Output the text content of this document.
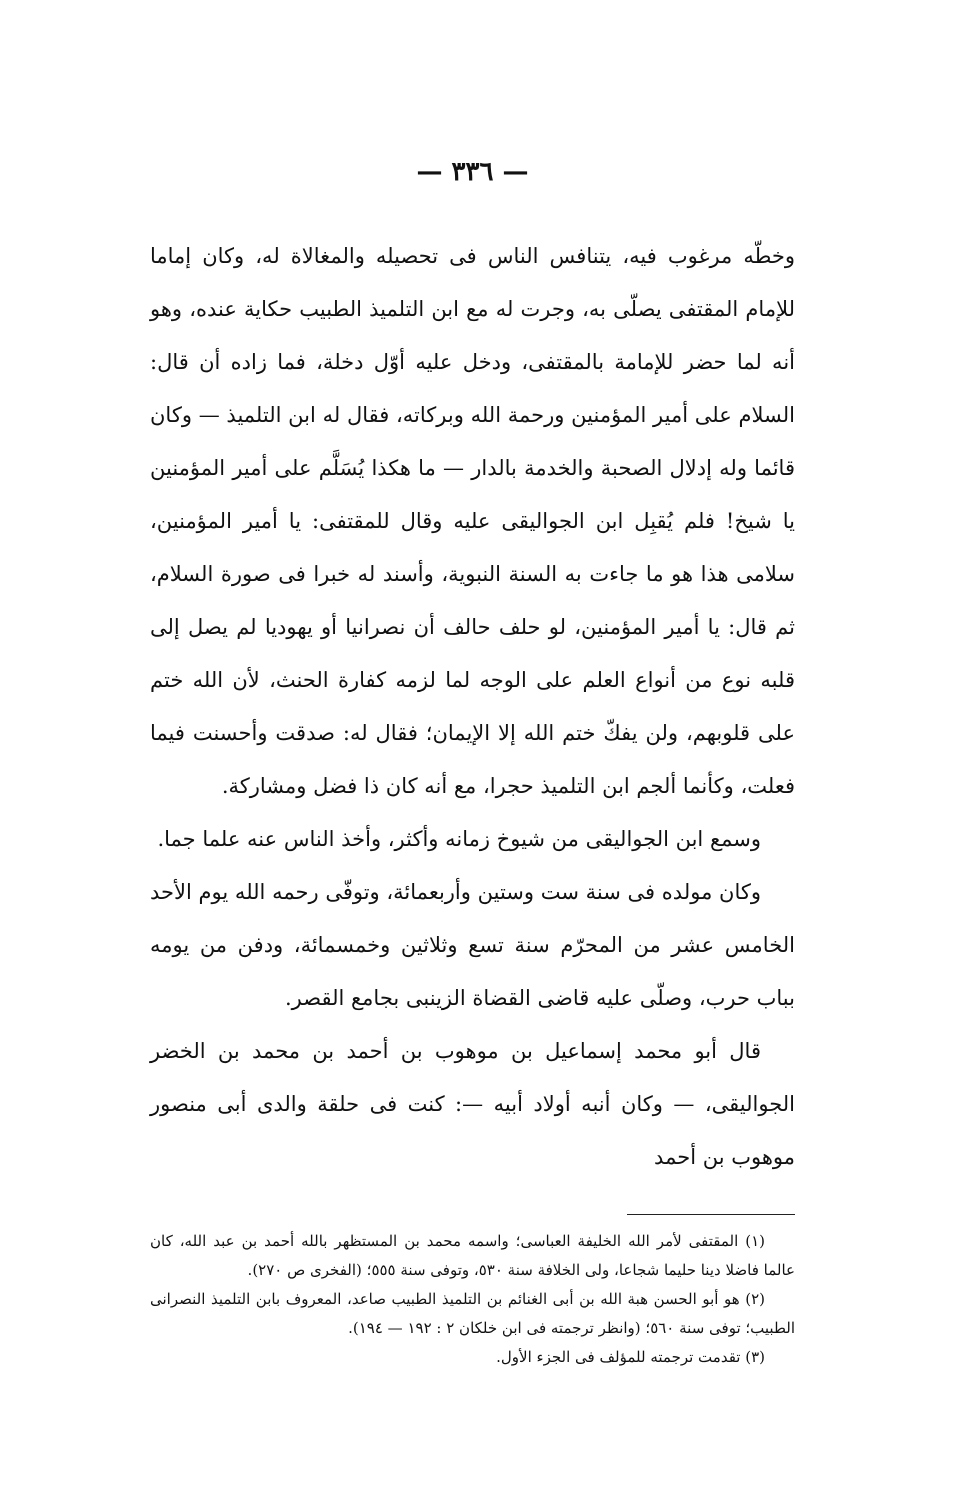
— ٣٣٦ —

وخطّه مرغوب فيه، يتنافس الناس فى تحصيله والمغالاة له، وكان إماما للإمام المقتفى يصلّى به، وجرت له مع ابن التلميذ الطبيب حكاية عنده، وهو أنه لما حضر للإمامة بالمقتفى، ودخل عليه أوّل دخلة، فما زاده أن قال: السلام على أمير المؤمنين ورحمة الله وبركاته، فقال له ابن التلميذ — وكان قائما وله إدلال الصحبة والخدمة بالدار — ما هكذا يُسَلَّم على أمير المؤمنين يا شيخ! فلم يُقبِل ابن الجواليقى عليه وقال للمقتفى: يا أمير المؤمنين، سلامى هذا هو ما جاءت به السنة النبوية، وأسند له خبرا فى صورة السلام، ثم قال: يا أمير المؤمنين، لو حلف حالف أن نصرانيا أو يهوديا لم يصل إلى قلبه نوع من أنواع العلم على الوجه لما لزمه كفارة الحنث، لأن الله ختم على قلوبهم، ولن يفكّ ختم الله إلا الإيمان؛ فقال له: صدقت وأحسنت فيما فعلت، وكأنما ألجم ابن التلميذ حجرا، مع أنه كان ذا فضل ومشاركة.

وسمع ابن الجواليقى من شيوخ زمانه وأكثر، وأخذ الناس عنه علما جما.

وكان مولده فى سنة ست وستين وأربعمائة، وتوفّى رحمه الله يوم الأحد الخامس عشر من المحرّم سنة تسع وثلاثين وخمسمائة، ودفن من يومه بباب حرب، وصلّى عليه قاضى القضاة الزينبى بجامع القصر.

قال أبو محمد إسماعيل بن موهوب بن أحمد بن محمد بن الخضر الجواليقى، — وكان أنبه أولاد أبيه —: كنت فى حلقة والدى أبى منصور موهوب بن أحمد

(١) المقتفى لأمر الله الخليفة العباسى؛ واسمه محمد بن المستظهر بالله أحمد بن عبد الله، كان عالما فاضلا دينا حليما شجاعا، ولى الخلافة سنة ٥٣٠، وتوفى سنة ٥٥٥؛ (الفخرى ص ٢٧٠).

(٢) هو أبو الحسن هبة الله بن أبى الغنائم بن التلميذ الطبيب صاعد، المعروف بابن التلميذ النصرانى الطبيب؛ توفى سنة ٥٦٠؛ (وانظر ترجمته فى ابن خلكان ٢ : ١٩٢ — ١٩٤).

(٣) تقدمت ترجمته للمؤلف فى الجزء الأول.
